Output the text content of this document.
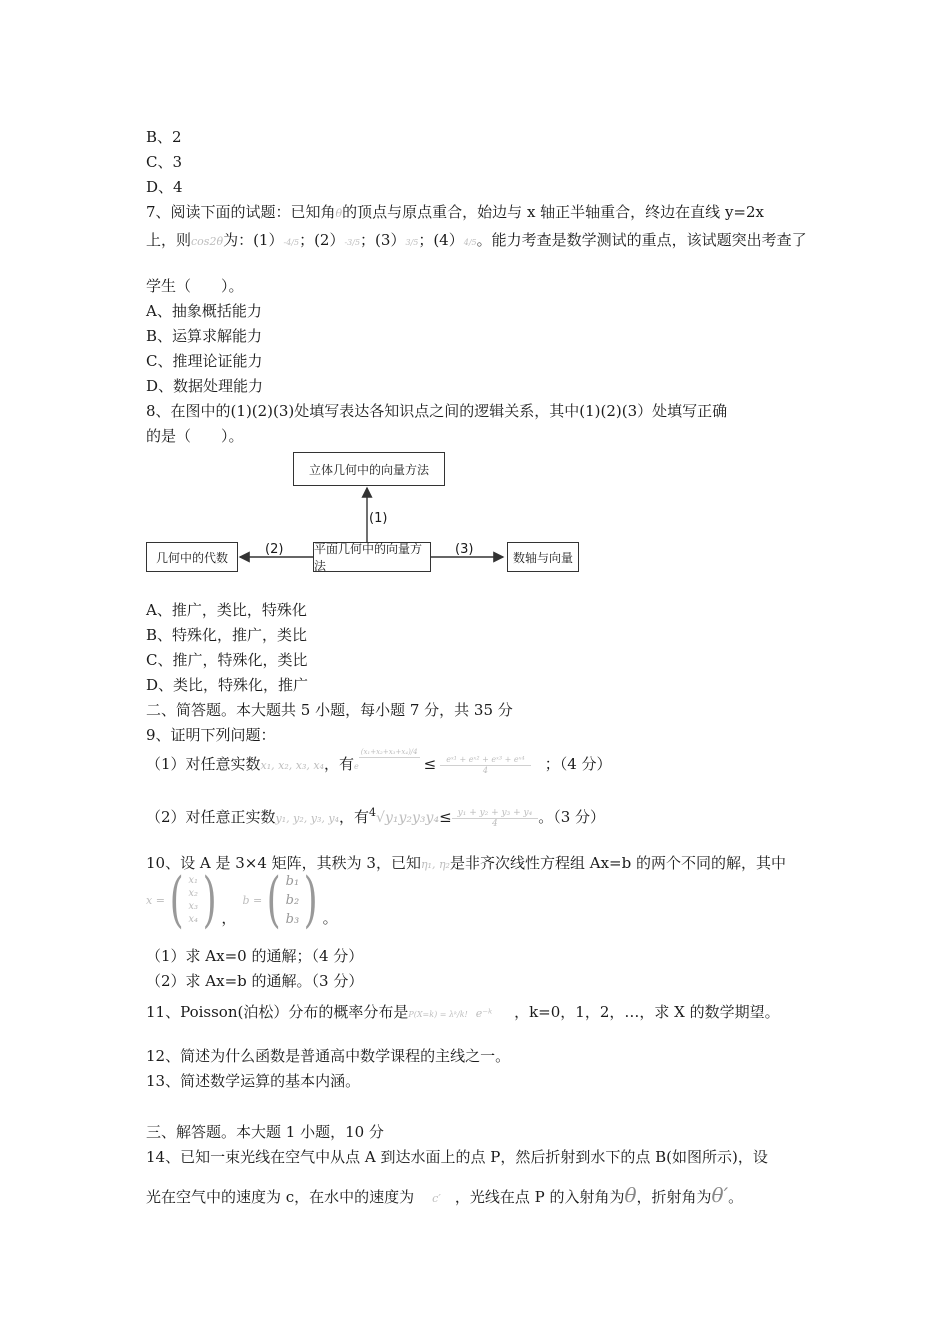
B、2
C、3
D、4
7、阅读下面的试题：已知角θ的顶点与原点重合，始边与 x 轴正半轴重合，终边在直线 y=2x
上，则cos2θ为：(1）-4/5；(2）-3/5；(3）3/5；(4）4/5。能力考查是数学测试的重点，该试题突出考查了
学生（　　）。
A、抽象概括能力
B、运算求解能力
C、推理论证能力
D、数据处理能力
8、在图中的(1)(2)(3)处填写表达各知识点之间的逻辑关系，其中(1)(2)(3）处填写正确
的是（　　）。
立体几何中的向量方法
平面几何中的向量方法
几何中的代数	数轴与向量
(1)
(2)	(3)
A、推广，类比，特殊化
B、特殊化，推广，类比
C、推广，特殊化，类比
D、类比，特殊化，推广
二、简答题。本大题共 5 小题，每小题 7 分，共 35 分
9、证明下列问题：
（1）对任意实数x₁, x₂, x₃, x₄，有e
(x₁+x₂+x₃+x₄)/4
≤ $\frac{\text{eˣ¹ + eˣ² + eˣ³ + eˣ⁴}}{4}$ ；（4 分）
（2）对任意正实数y₁, y₂, y₃, y₄，有$^4√y_1y_2y_3y_4\le \frac{\text{y₁ + y₂ + y₃ + y₄}}{4}$ 。（3 分）
10、设 A 是 3×4 矩阵，其秩为 3，已知η₁, η₂是非齐次线性方程组 Ax=b 的两个不同的解，其中
x = ( x₁
x₂
x₃
x₄ ) ，
b = ( b₁
b₂
b₃ ) 。
（1）求 Ax=0 的通解；（4 分）
（2）求 Ax=b 的通解。（3 分）
11、Poisson(泊松）分布的概率分布是P(X=k) = λᵏ/k! e⁻ᵏ ，k=0，1，2，…，求 X 的数学期望。
12、简述为什么函数是普通高中数学课程的主线之一。
13、简述数学运算的基本内涵。
三、解答题。本大题 1 小题，10 分
14、已知一束光线在空气中从点 A 到达水面上的点 P，然后折射到水下的点 B(如图所示)，设
光在空气中的速度为 c，在水中的速度为 c′ ，光线在点 P 的入射角为θ，折射角为θ′。
